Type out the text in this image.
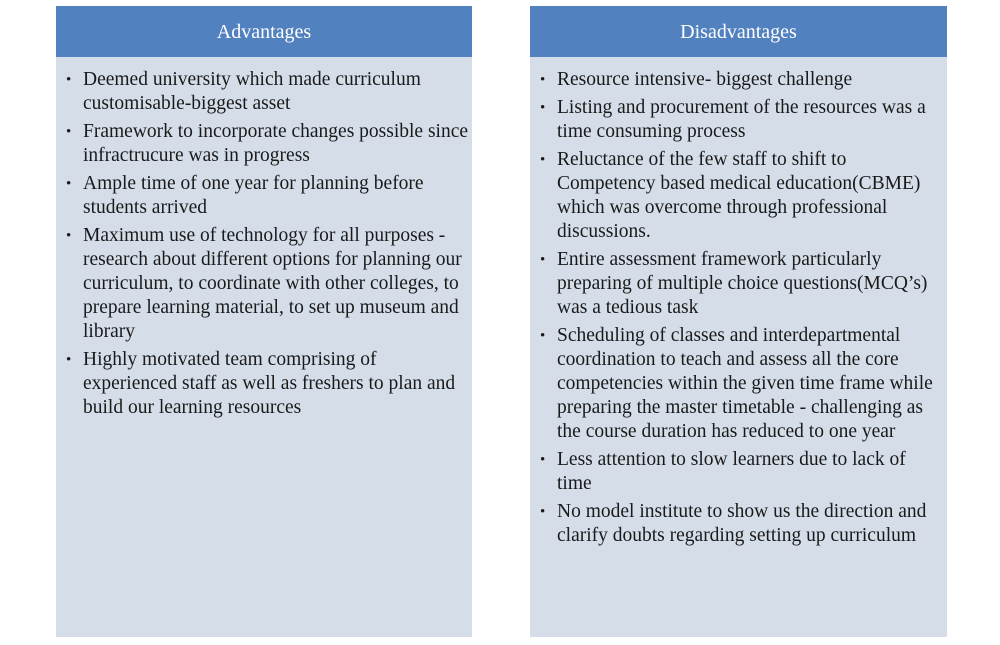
Advantages
• Deemed university which made curriculum customisable-biggest asset
• Framework to incorporate changes possible since infractrucure was in progress
• Ample time of one year for planning before students arrived
• Maximum use of technology for all purposes - research about different options for planning our curriculum, to coordinate with other colleges, to prepare learning material, to set up museum and library
• Highly motivated team comprising of experienced staff as well as freshers to plan and build our learning resources
Disadvantages
• Resource intensive- biggest challenge
• Listing and procurement of the resources was a time consuming process
• Reluctance of the few staff to shift to Competency based medical education(CBME) which was overcome through professional discussions.
• Entire assessment framework particularly preparing of multiple choice questions(MCQ’s) was a tedious task
• Scheduling of classes and interdepartmental coordination to teach and assess all the core competencies within the given time frame while preparing the master timetable - challenging as the course duration has reduced to one year
• Less attention to slow learners due to lack of time
• No model institute to show us the direction and clarify doubts regarding setting up curriculum
